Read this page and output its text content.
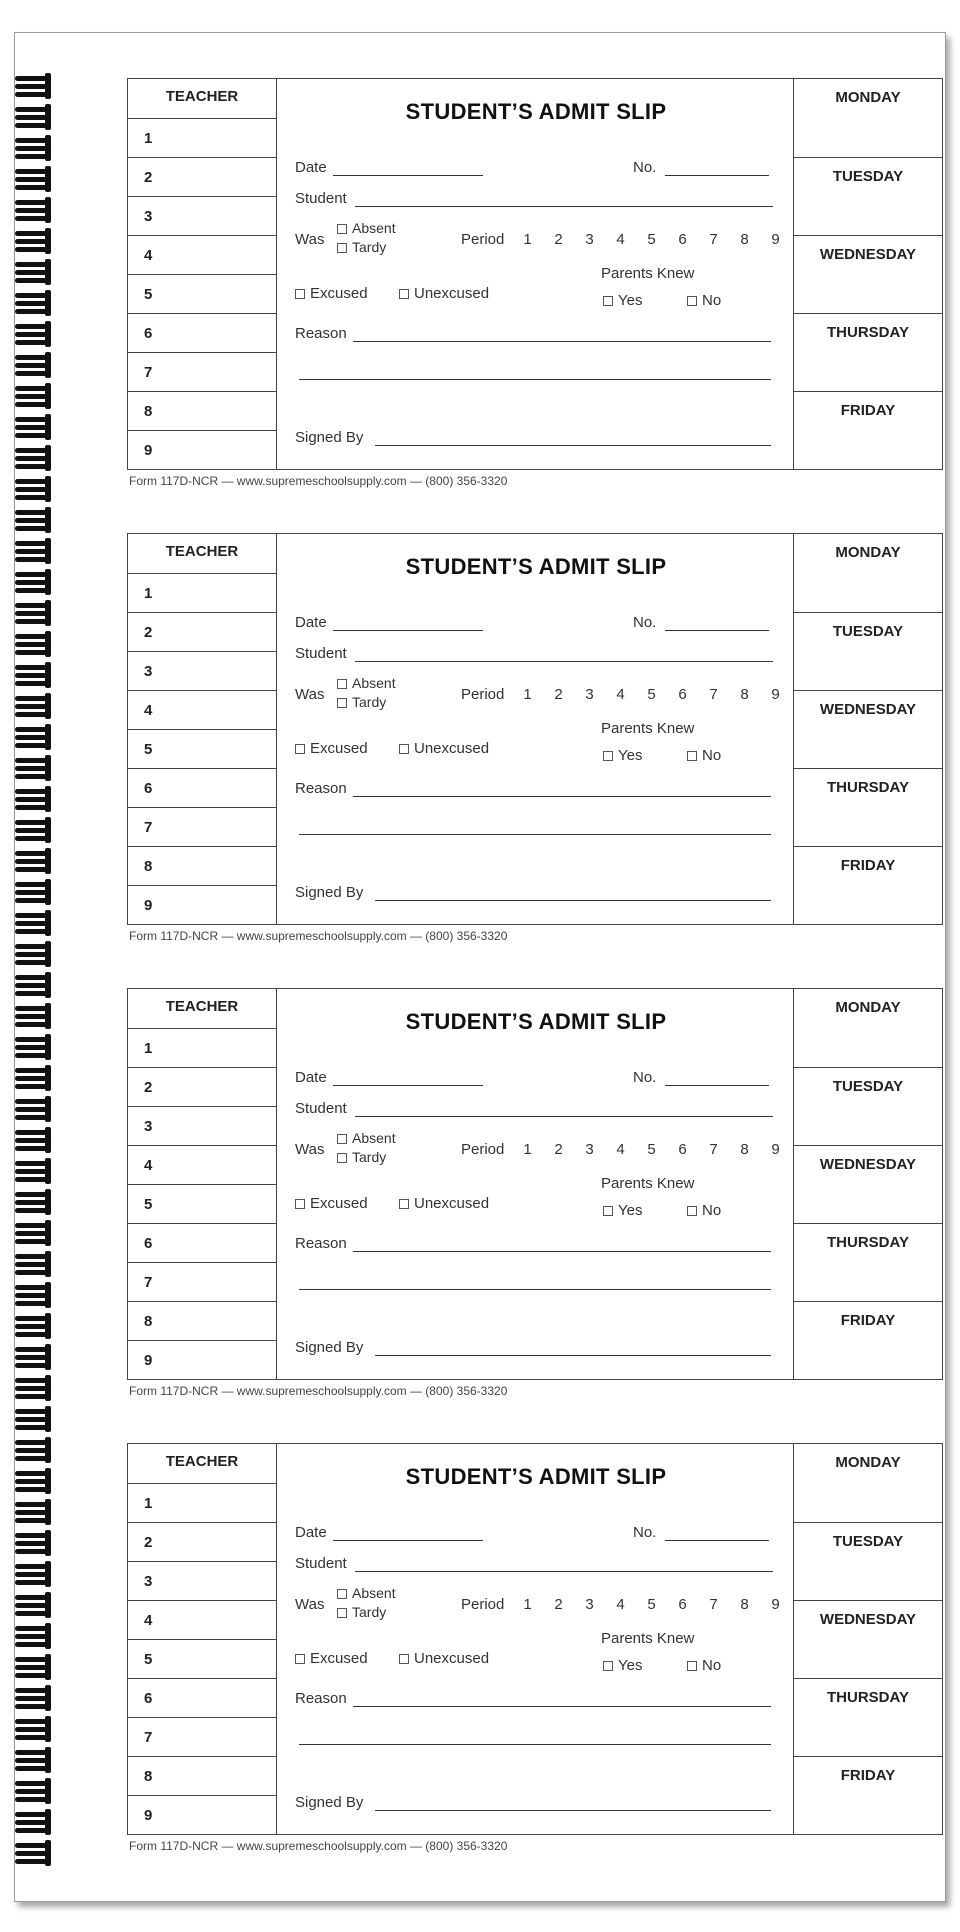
TEACHER
1
2
3
4
5
6
7
8
9
STUDENT’S ADMIT SLIP
Date	No.
Student
Was
Absent
Tardy	Period	1 2 3 4 5 6 7 8 9
Parents Knew
Yes	No
Excused	Unexcused
Reason
Signed By
MONDAY
TUESDAY
WEDNESDAY
THURSDAY
FRIDAY
Form 117D-NCR — www.supremeschoolsupply.com — (800) 356-3320
TEACHER
1
2
3
4
5
6
7
8
9
STUDENT’S ADMIT SLIP
Date	No.
Student
Was
Absent
Tardy	Period	1 2 3 4 5 6 7 8 9
Parents Knew
Yes	No
Excused	Unexcused
Reason
Signed By
MONDAY
TUESDAY
WEDNESDAY
THURSDAY
FRIDAY
Form 117D-NCR — www.supremeschoolsupply.com — (800) 356-3320
TEACHER
1
2
3
4
5
6
7
8
9
STUDENT’S ADMIT SLIP
Date	No.
Student
Was
Absent
Tardy	Period	1 2 3 4 5 6 7 8 9
Parents Knew
Yes	No
Excused	Unexcused
Reason
Signed By
MONDAY
TUESDAY
WEDNESDAY
THURSDAY
FRIDAY
Form 117D-NCR — www.supremeschoolsupply.com — (800) 356-3320
TEACHER
1
2
3
4
5
6
7
8
9
STUDENT’S ADMIT SLIP
Date	No.
Student
Was
Absent
Tardy	Period	1 2 3 4 5 6 7 8 9
Parents Knew
Yes	No
Excused	Unexcused
Reason
Signed By
MONDAY
TUESDAY
WEDNESDAY
THURSDAY
FRIDAY
Form 117D-NCR — www.supremeschoolsupply.com — (800) 356-3320
